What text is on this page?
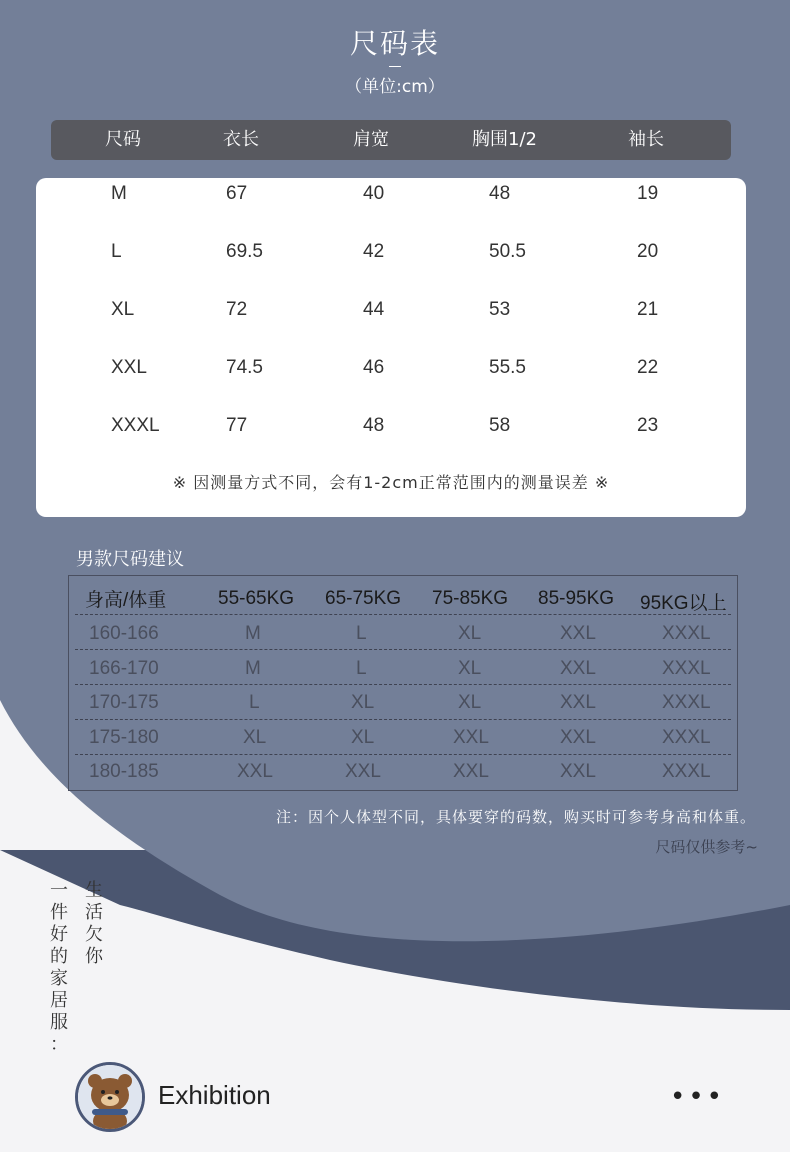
尺码表
（单位:cm）
尺码	衣长	肩宽	胸围1/2	袖长
M	67	40	48	19
L	69.5	42	50.5	20
XL	72	44	53	21
XXL	74.5	46	55.5	22
XXXL	77	48	58	23
※ 因测量方式不同，会有1-2cm正常范围内的测量误差 ※
男款尺码建议
身高/体重	55-65KG 65-75KG 75-85KG 85-95KG 95KG以上
160-166	M	L	XL	XXL	XXXL
166-170	M	L	XL	XXL	XXXL
170-175	L	XL	XL	XXL	XXXL
175-180	XL	XL	XXL	XXL	XXXL
180-185	XXL	XXL	XXL	XXL	XXXL
注：因个人体型不同，具体要穿的码数，购买时可参考身高和体重。
尺码仅供参考~
生
活
欠
你
一
件
好
的
家
居
服
：
Exhibition	•••
